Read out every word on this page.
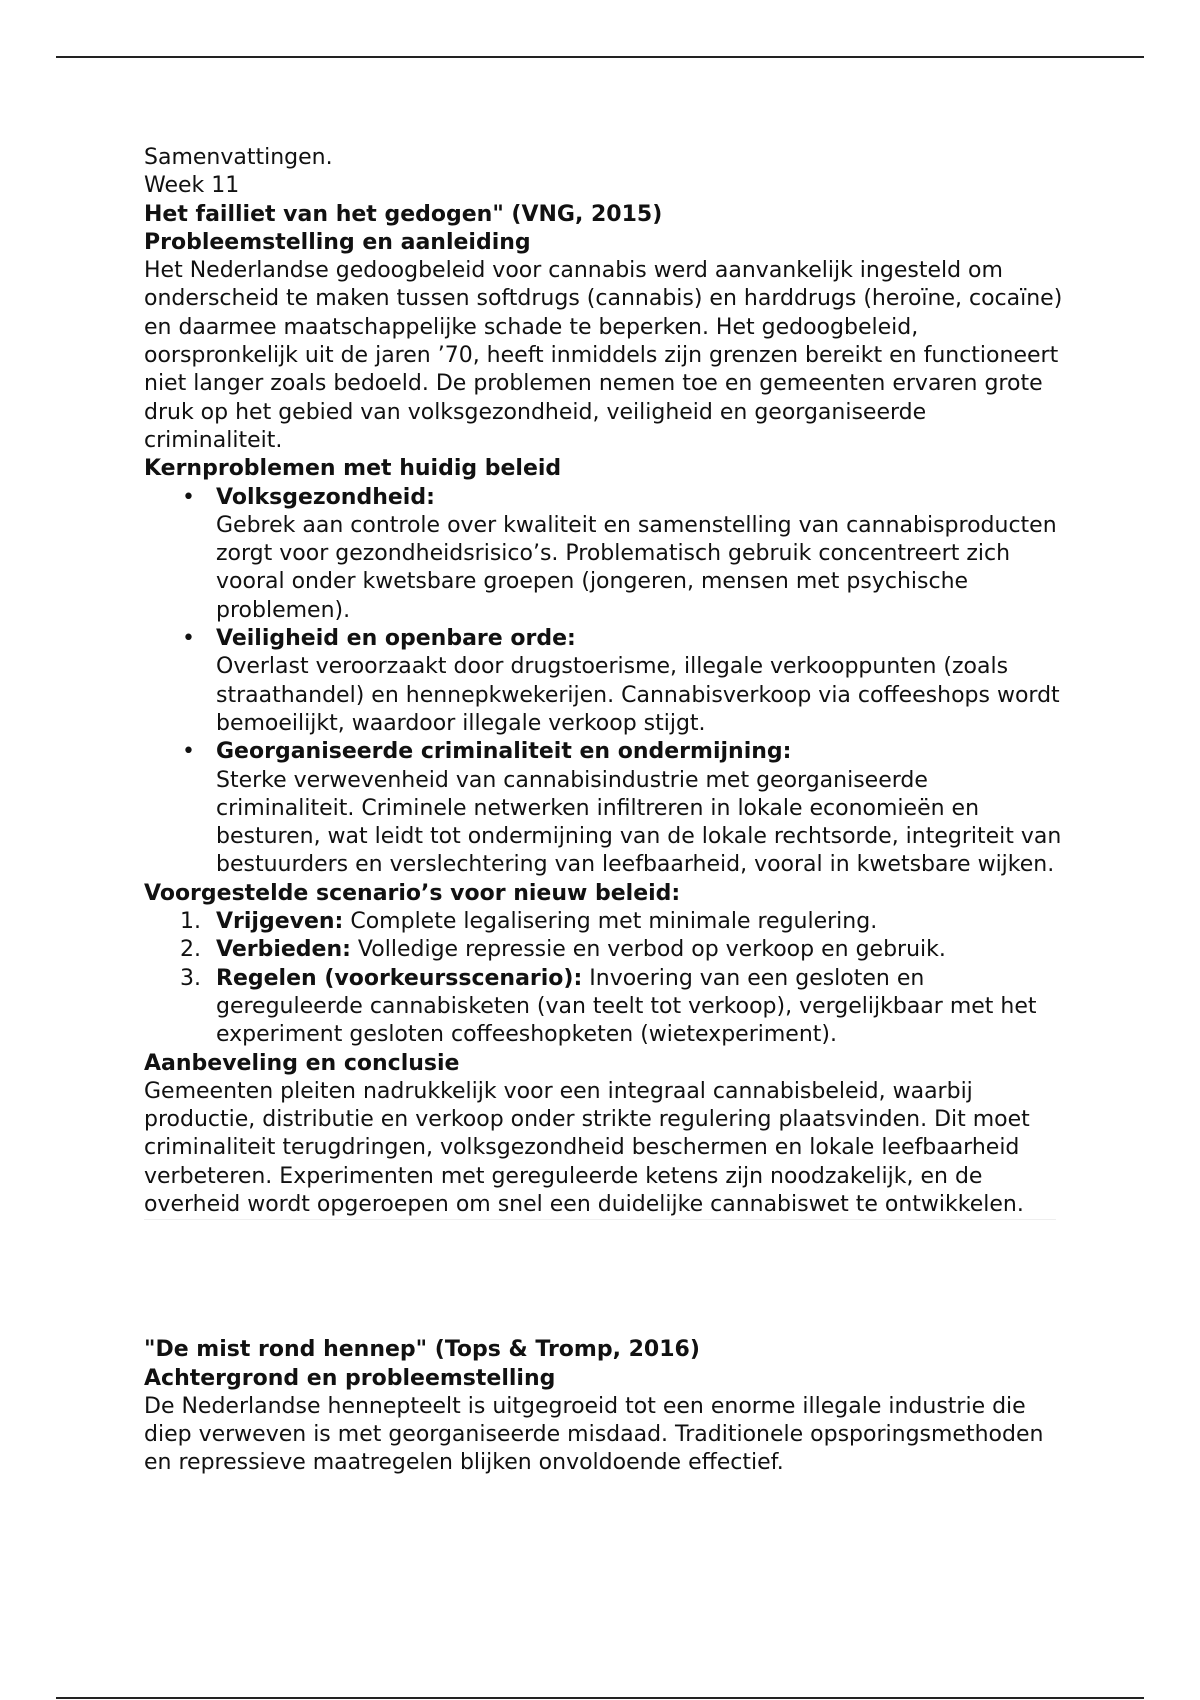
Samenvattingen.
Week 11
Het failliet van het gedogen" (VNG, 2015)
Probleemstelling en aanleiding

Het Nederlandse gedoogbeleid voor cannabis werd aanvankelijk ingesteld om onderscheid te maken tussen softdrugs (cannabis) en harddrugs (heroïne, cocaïne) en daarmee maatschappelijke schade te beperken. Het gedoogbeleid, oorspronkelijk uit de jaren ’70, heeft inmiddels zijn grenzen bereikt en functioneert niet langer zoals bedoeld. De problemen nemen toe en gemeenten ervaren grote druk op het gebied van volksgezondheid, veiligheid en georganiseerde criminaliteit.

Kernproblemen met huidig beleid
• Volksgezondheid:
Gebrek aan controle over kwaliteit en samenstelling van cannabisproducten zorgt voor gezondheidsrisico’s. Problematisch gebruik concentreert zich vooral onder kwetsbare groepen (jongeren, mensen met psychische problemen).
• Veiligheid en openbare orde:
Overlast veroorzaakt door drugstoerisme, illegale verkooppunten (zoals straathandel) en hennepkwekerijen. Cannabisverkoop via coffeeshops wordt bemoeilijkt, waardoor illegale verkoop stijgt.
• Georganiseerde criminaliteit en ondermijning:
Sterke verwevenheid van cannabisindustrie met georganiseerde criminaliteit. Criminele netwerken infiltreren in lokale economieën en besturen, wat leidt tot ondermijning van de lokale rechtsorde, integriteit van bestuurders en verslechtering van leefbaarheid, vooral in kwetsbare wijken.
Voorgestelde scenario’s voor nieuw beleid:
1. Vrijgeven: Complete legalisering met minimale regulering.
2. Verbieden: Volledige repressie en verbod op verkoop en gebruik.
3. Regelen (voorkeursscenario): Invoering van een gesloten en gereguleerde cannabisketen (van teelt tot verkoop), vergelijkbaar met het experiment gesloten coffeeshopketen (wietexperiment).
Aanbeveling en conclusie

Gemeenten pleiten nadrukkelijk voor een integraal cannabisbeleid, waarbij productie, distributie en verkoop onder strikte regulering plaatsvinden. Dit moet criminaliteit terugdringen, volksgezondheid beschermen en lokale leefbaarheid verbeteren. Experimenten met gereguleerde ketens zijn noodzakelijk, en de overheid wordt opgeroepen om snel een duidelijke cannabiswet te ontwikkelen.

"De mist rond hennep" (Tops & Tromp, 2016)
Achtergrond en probleemstelling

De Nederlandse hennepteelt is uitgegroeid tot een enorme illegale industrie die diep verweven is met georganiseerde misdaad. Traditionele opsporingsmethoden en repressieve maatregelen blijken onvoldoende effectief.
